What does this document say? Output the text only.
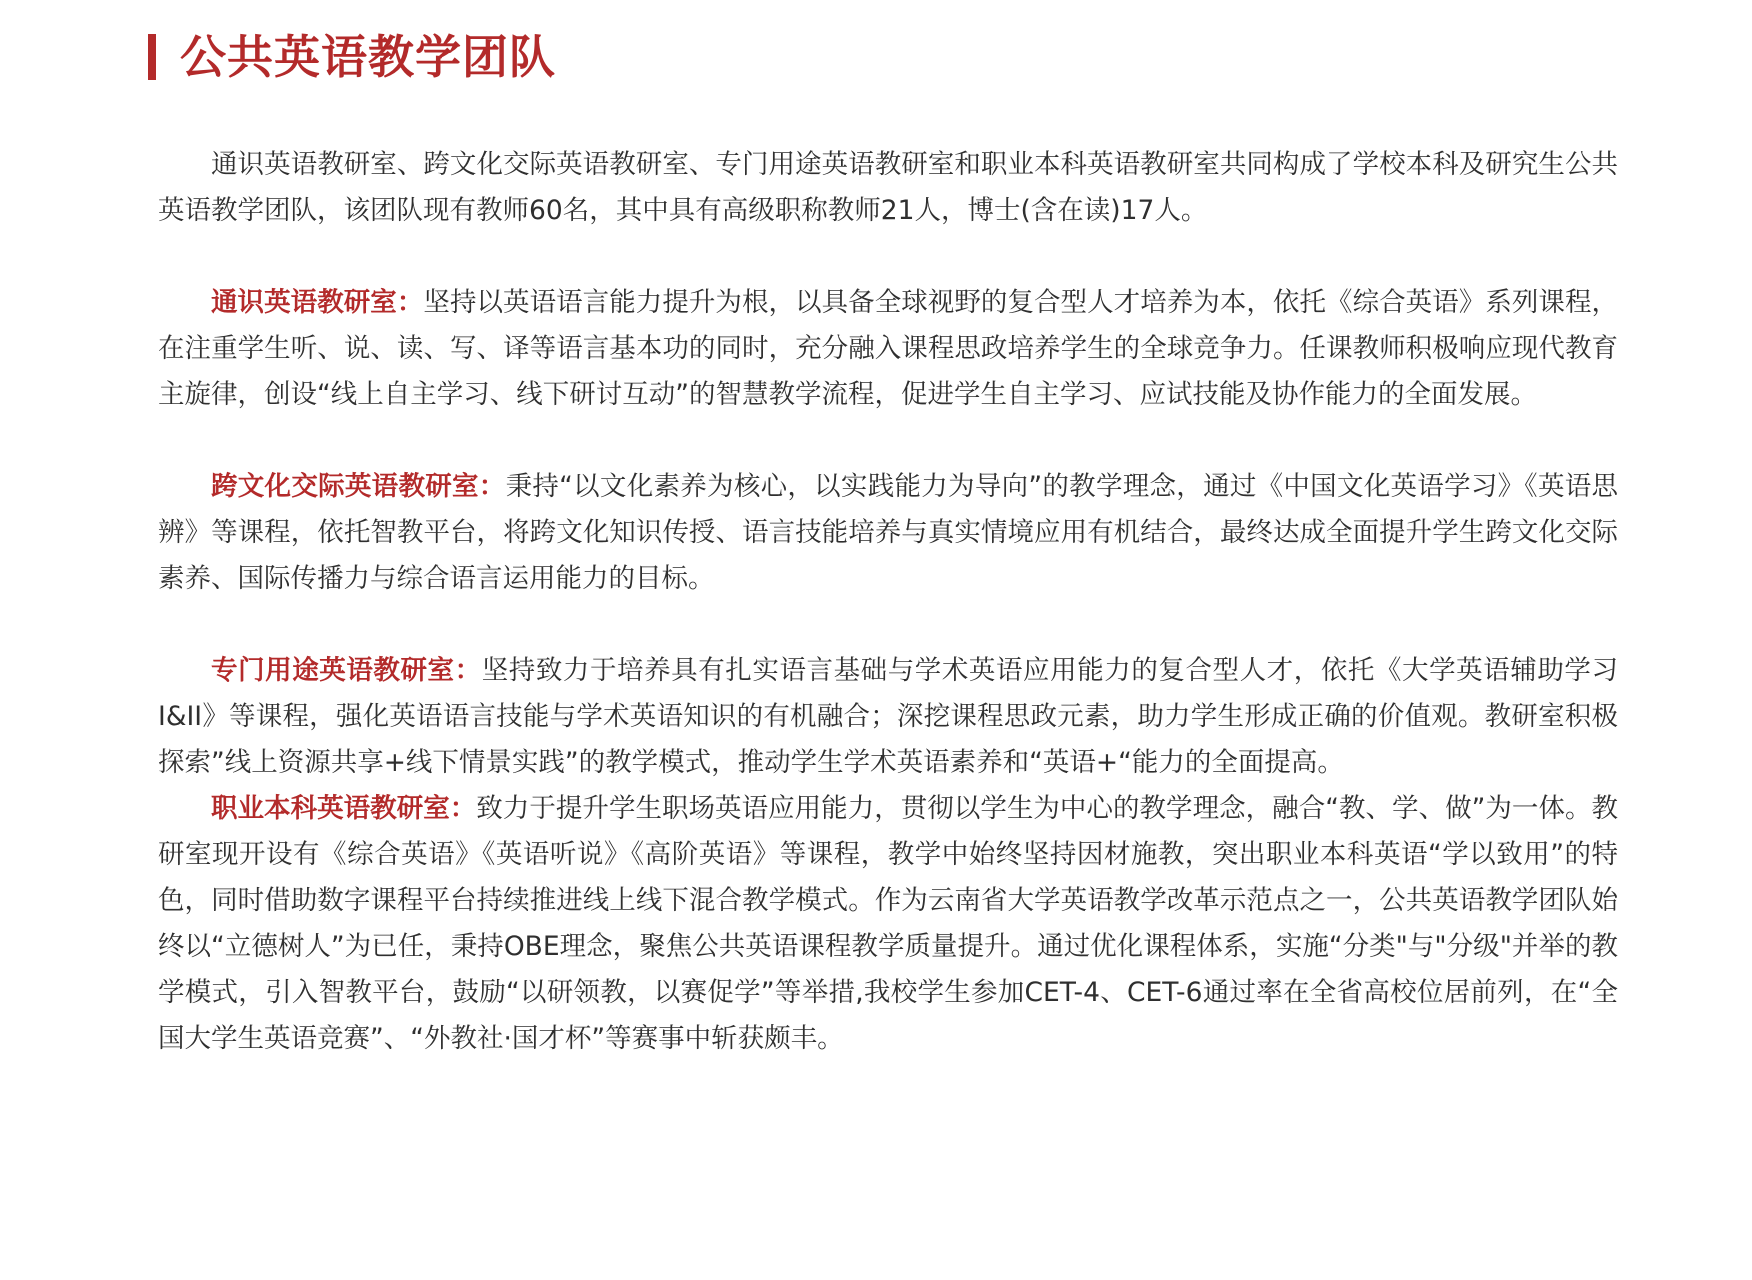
公共英语教学团队

通识英语教研室、跨文化交际英语教研室、专门用途英语教研室和职业本科英语教研室共同构成了学校本科及研究生公共英语教学团队，该团队现有教师60名，其中具有高级职称教师21人，博士(含在读)17人。

通识英语教研室：坚持以英语语言能力提升为根，以具备全球视野的复合型人才培养为本，依托《综合英语》系列课程，在注重学生听、说、读、写、译等语言基本功的同时，充分融入课程思政培养学生的全球竞争力。任课教师积极响应现代教育主旋律，创设“线上自主学习、线下研讨互动”的智慧教学流程，促进学生自主学习、应试技能及协作能力的全面发展。

跨文化交际英语教研室：秉持“以文化素养为核心，以实践能力为导向”的教学理念，通过《中国文化英语学习》《英语思辨》等课程，依托智教平台，将跨文化知识传授、语言技能培养与真实情境应用有机结合，最终达成全面提升学生跨文化交际素养、国际传播力与综合语言运用能力的目标。

专门用途英语教研室：坚持致力于培养具有扎实语言基础与学术英语应用能力的复合型人才，依托《大学英语辅助学习I&II》等课程，强化英语语言技能与学术英语知识的有机融合；深挖课程思政元素，助力学生形成正确的价值观。教研室积极探索”线上资源共享+线下情景实践”的教学模式，推动学生学术英语素养和“英语+“能力的全面提高。

职业本科英语教研室：致力于提升学生职场英语应用能力，贯彻以学生为中心的教学理念，融合“教、学、做”为一体。教研室现开设有《综合英语》《英语听说》《高阶英语》等课程，教学中始终坚持因材施教，突出职业本科英语“学以致用”的特色，同时借助数字课程平台持续推进线上线下混合教学模式。作为云南省大学英语教学改革示范点之一，公共英语教学团队始终以“立德树人”为已任，秉持OBE理念，聚焦公共英语课程教学质量提升。通过优化课程体系，实施“分类"与"分级"并举的教学模式，引入智教平台，鼓励“以研领教，以赛促学”等举措,我校学生参加CET-4、CET-6通过率在全省高校位居前列，在“全国大学生英语竞赛”、“外教社·国才杯”等赛事中斩获颇丰。
